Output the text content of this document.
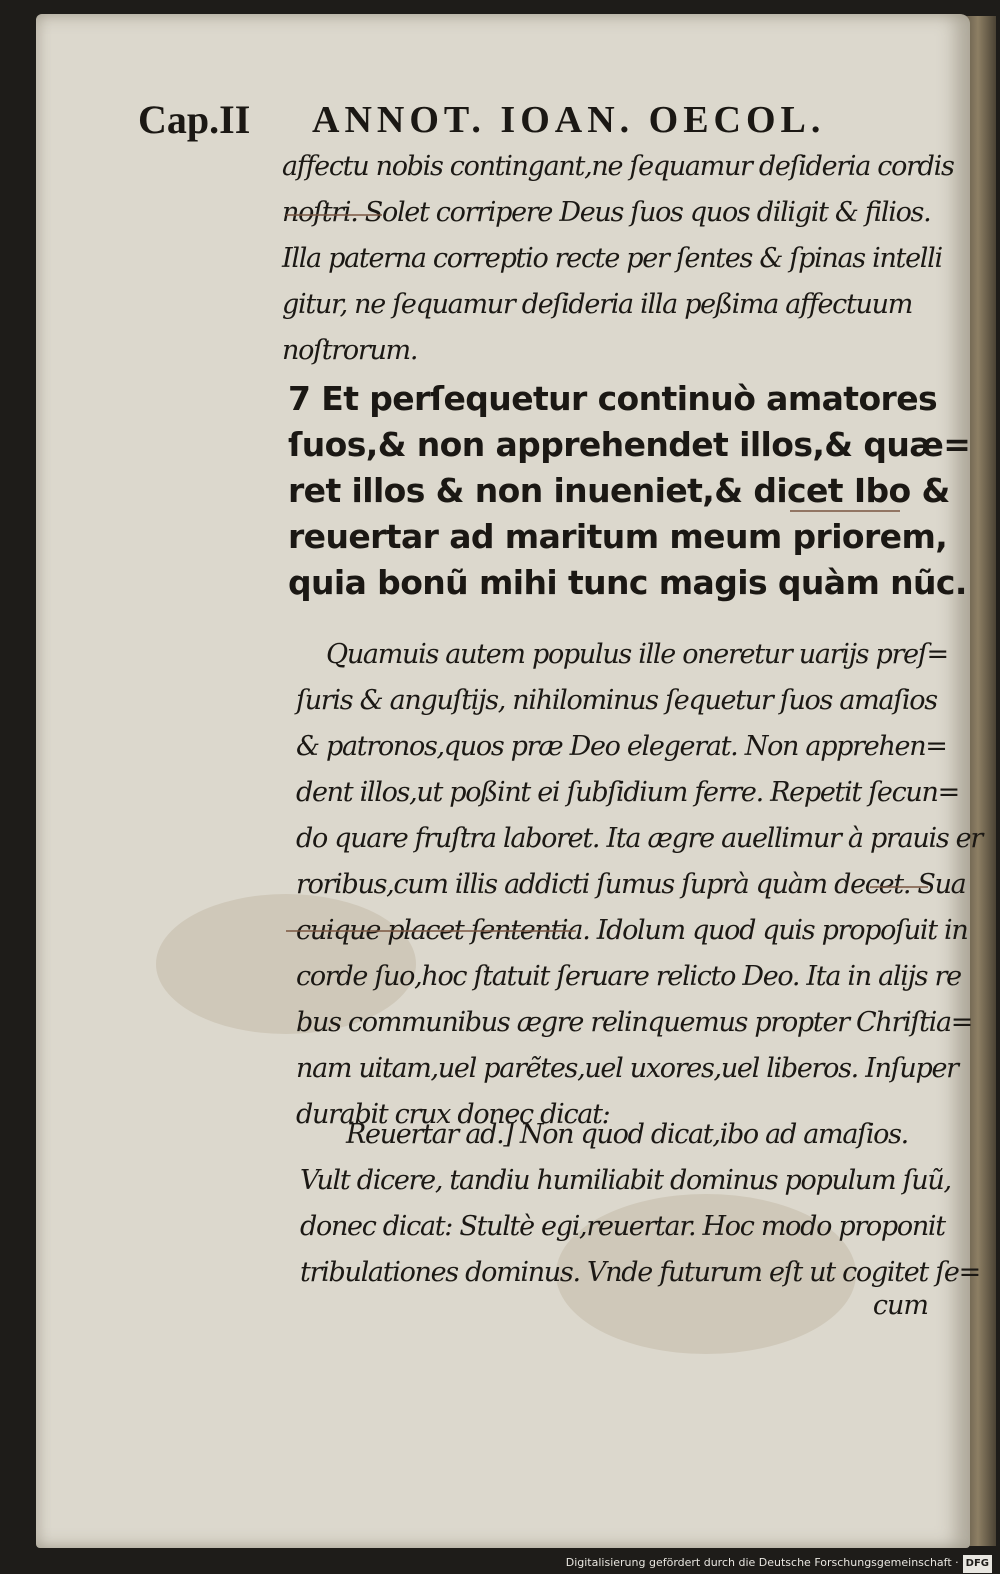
Cap.II ANNOT. IOAN. OECOL.
affectu nobis contingant,ne ſequamur deſideria cordis
noſtri. Solet corripere Deus ſuos quos diligit & filios.
Illa paterna correptio recte per ſentes & ſpinas intelli
gitur, ne ſequamur deſideria illa peßima affectuum
noſtrorum.
7 Et perſequetur continuò amatores
ſuos,& non apprehendet illos,& quæ=
ret illos & non inueniet,& dicet Ibo &
reuertar ad maritum meum priorem,
quia bonũ mihi tunc magis quàm nũc.
Quamuis autem populus ille oneretur uarijs preſ=
ſuris & anguſtijs, nihilominus ſequetur ſuos amaſios
& patronos,quos præ Deo elegerat. Non apprehen=
dent illos,ut poßint ei ſubſidium ferre. Repetit ſecun=
do quare fruſtra laboret. Ita ægre auellimur à prauis er
roribus,cum illis addicti ſumus ſuprà quàm decet. Sua
cuique placet ſententia. Idolum quod quis propoſuit in
corde ſuo,hoc ſtatuit ſeruare relicto Deo. Ita in alijs re
bus communibus ægre relinquemus propter Chriſtia=
nam uitam,uel parẽtes,uel uxores,uel liberos. Inſuper
durabit crux donec dicat:
Reuertar ad.] Non quod dicat,ibo ad amaſios.
Vult dicere, tandiu humiliabit dominus populum ſuũ,
donec dicat: Stultè egi,reuertar. Hoc modo proponit
tribulationes dominus. Vnde futurum eſt ut cogitet ſe=
cum
Digitalisierung gefördert durch die Deutsche Forschungsgemeinschaft · DFG
